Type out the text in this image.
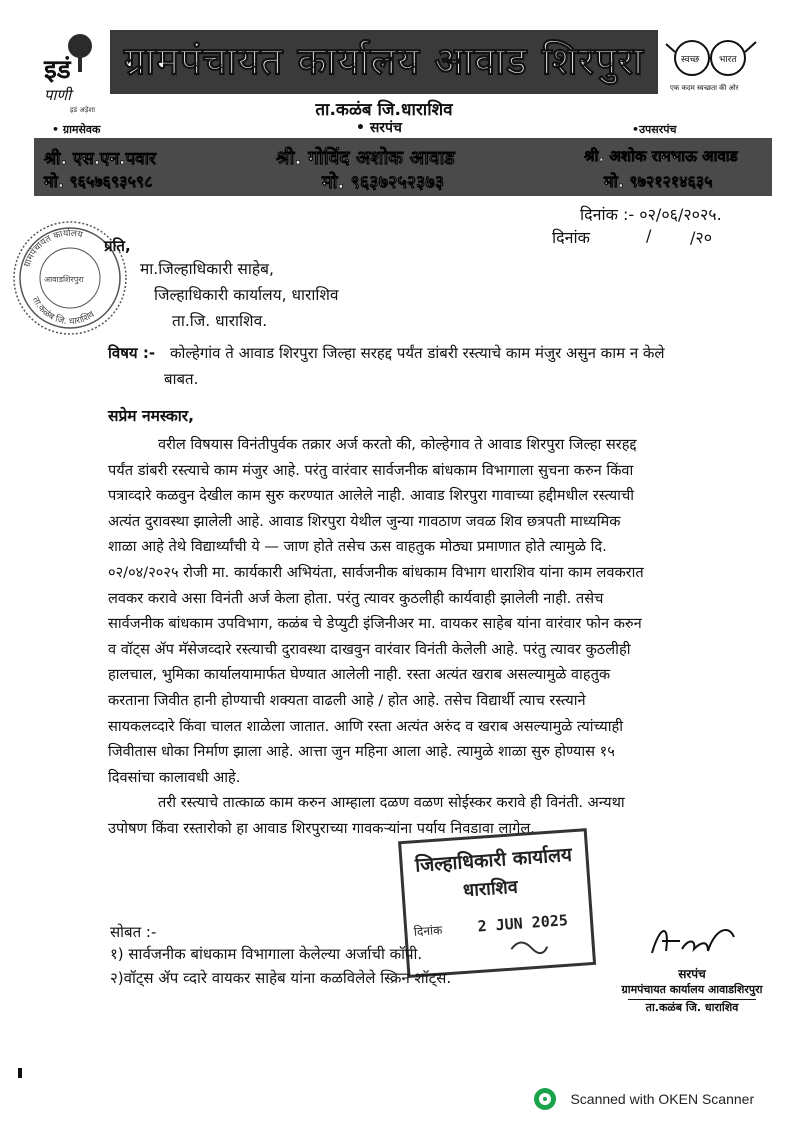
इडं
पाणी
इडं अड़ेशा
ग्रामपंचायत कार्यालय आवाड शिरपुरा
ता.कळंब जि.धाराशिव
स्वच्छ भारत
एक कदम स्वच्छता की ओर
• ग्रामसेवक	• सरपंच	•उपसरपंच
श्री. एस.एन.पवार
मो. ९६५७६९३५९८
श्री. गोविंद अशोक आवाड
मो. ९६३७२५२३७३
श्री. अशोक रामभाऊ आवाड
मो. ९७२१२१४६३५
दिनांक :- ०२/०६/२०२५.
दिनांक	/ /२०
ग्रामपंचायत कार्यालय
ता.कळंब जि. धाराशिव
आवाडशिरपुरा
प्रति,
मा.जिल्हाधिकारी साहेब,
जिल्हाधिकारी कार्यालय, धाराशिव
ता.जि. धाराशिव.
विषय :- कोल्हेगांव ते आवाड शिरपुरा जिल्हा सरहद्द पर्यंत डांबरी रस्त्याचे काम मंजुर असुन काम न केले
बाबत.
सप्रेम नमस्कार,
वरील विषयास विनंतीपुर्वक तक्रार अर्ज करतो की, कोल्हेगाव ते आवाड शिरपुरा जिल्हा सरहद्द
पर्यंत डांबरी रस्त्याचे काम मंजुर आहे. परंतु वारंवार सार्वजनीक बांधकाम विभागाला सुचना करुन किंवा
पत्राव्दारे कळवुन देखील काम सुरु करण्यात आलेले नाही. आवाड शिरपुरा गावाच्या हद्दीमधील रस्त्याची
अत्यंत दुरावस्था झालेली आहे. आवाड शिरपुरा येथील जुन्या गावठाण जवळ शिव छत्रपती माध्यमिक
शाळा आहे तेथे विद्यार्थ्यांची ये — जाण होते तसेच ऊस वाहतुक मोठ्या प्रमाणात होते त्यामुळे दि.
०२/०४/२०२५ रोजी मा. कार्यकारी अभियंता, सार्वजनीक बांधकाम विभाग धाराशिव यांना काम लवकरात
लवकर करावे असा विनंती अर्ज केला होता. परंतु त्यावर कुठलीही कार्यवाही झालेली नाही. तसेच
सार्वजनीक बांधकाम उपविभाग, कळंब चे डेप्युटी इंजिनीअर मा. वायकर साहेब यांना वारंवार फोन करुन
व वॉट्स ॲप मॅसेजव्दारे रस्त्याची दुरावस्था दाखवुन वारंवार विनंती केलेली आहे. परंतु त्यावर कुठलीही
हालचाल, भुमिका कार्यालयामार्फत घेण्यात आलेली नाही. रस्ता अत्यंत खराब असल्यामुळे वाहतुक
करताना जिवीत हानी होण्याची शक्यता वाढली आहे / होत आहे. तसेच विद्यार्थी त्याच रस्त्याने
सायकलव्दारे किंवा चालत शाळेला जातात. आणि रस्ता अत्यंत अरुंद व खराब असल्यामुळे त्यांच्याही
जिवीतास धोका निर्माण झाला आहे. आत्ता जुन महिना आला आहे. त्यामुळे शाळा सुरु होण्यास १५
दिवसांचा कालावधी आहे.
तरी रस्त्याचे तात्काळ काम करुन आम्हाला दळण वळण सोईस्कर करावे ही विनंती. अन्यथा
उपोषण किंवा रस्तारोको हा आवाड शिरपुराच्या गावकऱ्यांना पर्याय निवडावा लागेल.
जिल्हाधिकारी कार्यालय
धाराशिव
दिनांक 2 JUN 2025
सोबत :-
१) सार्वजनीक बांधकाम विभागाला केलेल्या अर्जाची कॉपी.
२)वॉट्स ॲप व्दारे वायकर साहेब यांना कळविलेले स्क्रिन शॉट्स.	सरपंच
ग्रामपंचायत कार्यालय आवाडशिरपुरा
ता.कळंब जि. धाराशिव
Scanned with OKEN Scanner
